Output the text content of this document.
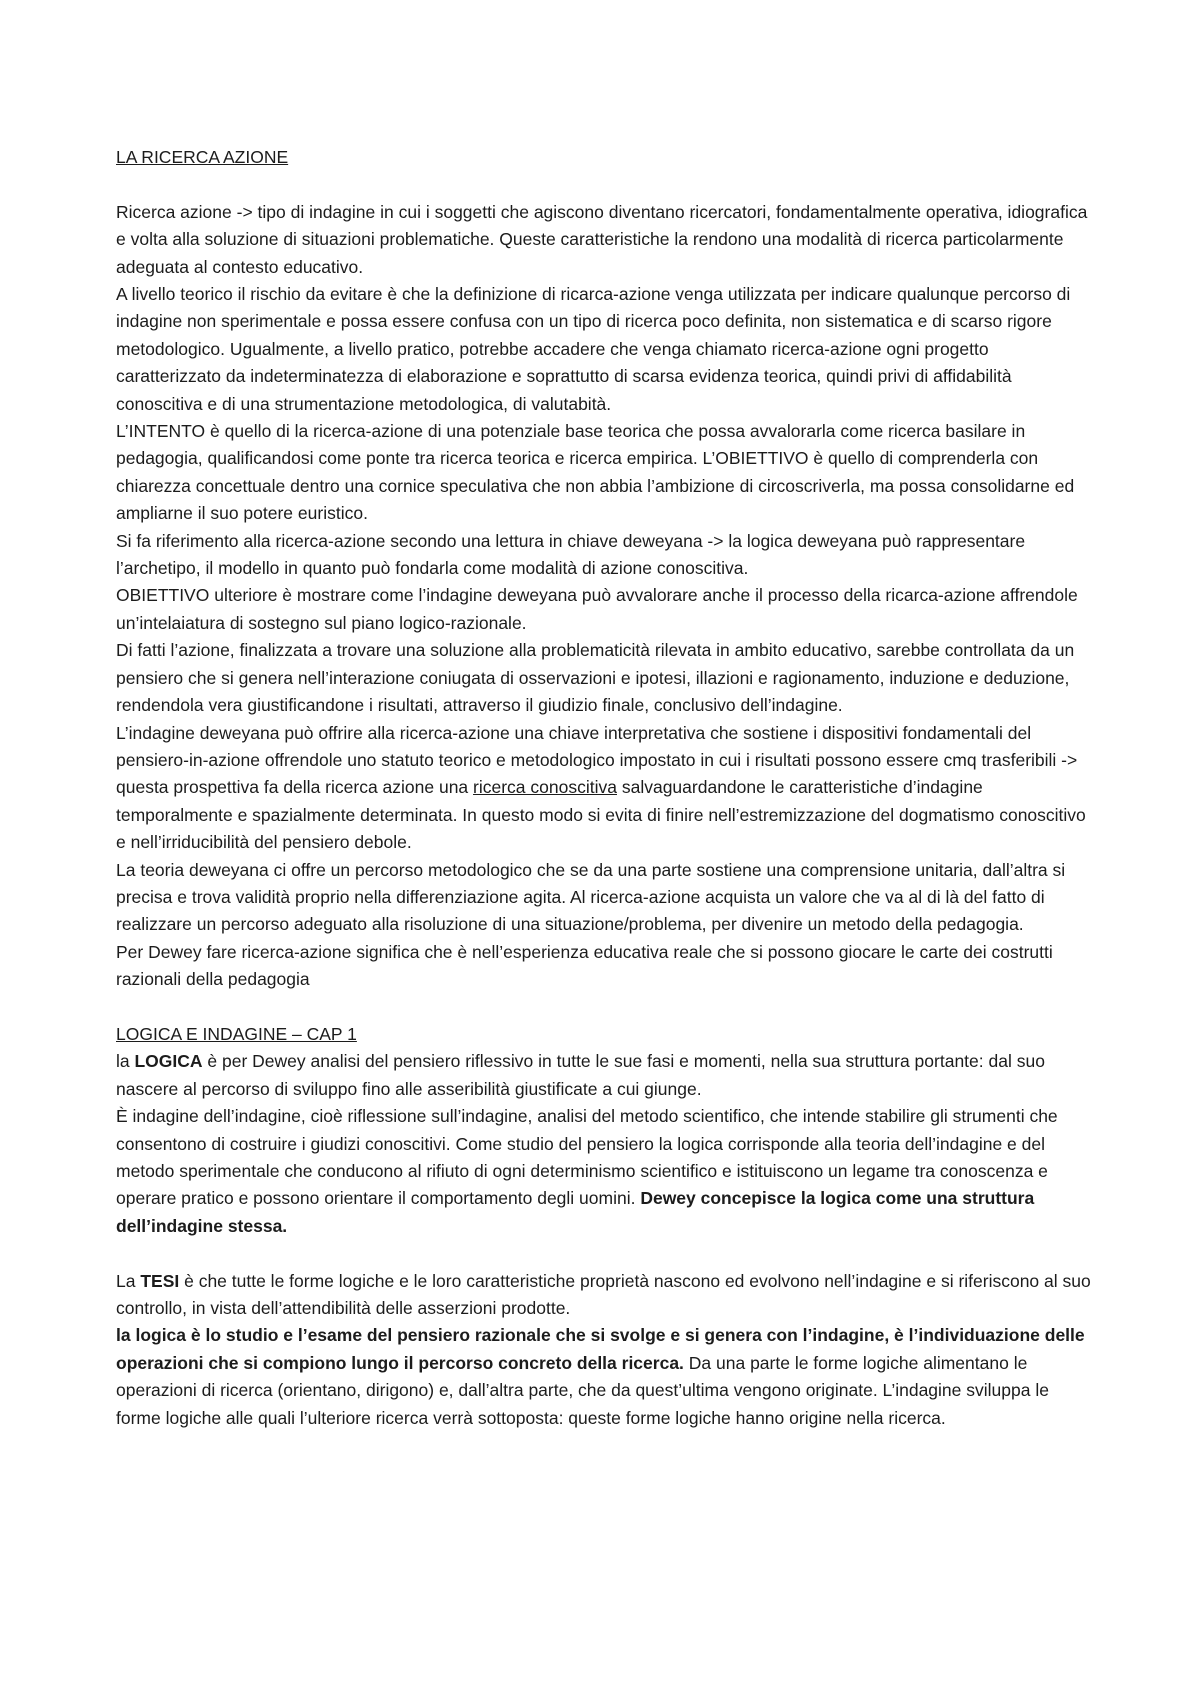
LA RICERCA AZIONE

Ricerca azione -> tipo di indagine in cui i soggetti che agiscono diventano ricercatori, fondamentalmente operativa, idiografica e volta alla soluzione di situazioni problematiche. Queste caratteristiche la rendono una modalità di ricerca particolarmente adeguata al contesto educativo.

A livello teorico il rischio da evitare è che la definizione di ricarca-azione venga utilizzata per indicare qualunque percorso di indagine non sperimentale e possa essere confusa con un tipo di ricerca poco definita, non sistematica e di scarso rigore metodologico. Ugualmente, a livello pratico, potrebbe accadere che venga chiamato ricerca-azione ogni progetto caratterizzato da indeterminatezza di elaborazione e soprattutto di scarsa evidenza teorica, quindi privi di affidabilità conoscitiva e di una strumentazione metodologica, di valutabità.

L’INTENTO è quello di la ricerca-azione di una potenziale base teorica che possa avvalorarla come ricerca basilare in pedagogia, qualificandosi come ponte tra ricerca teorica e ricerca empirica. L’OBIETTIVO è quello di comprenderla con chiarezza concettuale dentro una cornice speculativa che non abbia l’ambizione di circoscriverla, ma possa consolidarne ed ampliarne il suo potere euristico.

Si fa riferimento alla ricerca-azione secondo una lettura in chiave deweyana -> la logica deweyana può rappresentare l’archetipo, il modello in quanto può fondarla come modalità di azione conoscitiva.

OBIETTIVO ulteriore è mostrare come l’indagine deweyana può avvalorare anche il processo della ricarca-azione affrendole un’intelaiatura di sostegno sul piano logico-razionale.

Di fatti l’azione, finalizzata a trovare una soluzione alla problematicità rilevata in ambito educativo, sarebbe controllata da un pensiero che si genera nell’interazione coniugata di osservazioni e ipotesi, illazioni e ragionamento, induzione e deduzione, rendendola vera giustificandone i risultati, attraverso il giudizio finale, conclusivo dell’indagine.

L’indagine deweyana può offrire alla ricerca-azione una chiave interpretativa che sostiene i dispositivi fondamentali del pensiero-in-azione offrendole uno statuto teorico e metodologico impostato in cui i risultati possono essere cmq trasferibili -> questa prospettiva fa della ricerca azione una ricerca conoscitiva salvaguardandone le caratteristiche d’indagine temporalmente e spazialmente determinata. In questo modo si evita di finire nell’estremizzazione del dogmatismo conoscitivo e nell’irriducibilità del pensiero debole.

La teoria deweyana ci offre un percorso metodologico che se da una parte sostiene una comprensione unitaria, dall’altra si precisa e trova validità proprio nella differenziazione agita. Al ricerca-azione acquista un valore che va al di là del fatto di realizzare un percorso adeguato alla risoluzione di una situazione/problema, per divenire un metodo della pedagogia.

Per Dewey fare ricerca-azione significa che è nell’esperienza educativa reale che si possono giocare le carte dei costrutti razionali della pedagogia

LOGICA E INDAGINE – CAP 1

la LOGICA è per Dewey analisi del pensiero riflessivo in tutte le sue fasi e momenti, nella sua struttura portante: dal suo nascere al percorso di sviluppo fino alle asseribilità giustificate a cui giunge.

È indagine dell’indagine, cioè riflessione sull’indagine, analisi del metodo scientifico, che intende stabilire gli strumenti che consentono di costruire i giudizi conoscitivi. Come studio del pensiero la logica corrisponde alla teoria dell’indagine e del metodo sperimentale che conducono al rifiuto di ogni determinismo scientifico e istituiscono un legame tra conoscenza e operare pratico e possono orientare il comportamento degli uomini. Dewey concepisce la logica come una struttura dell’indagine stessa.

La TESI è che tutte le forme logiche e le loro caratteristiche proprietà nascono ed evolvono nell’indagine e si riferiscono al suo controllo, in vista dell’attendibilità delle asserzioni prodotte.

la logica è lo studio e l’esame del pensiero razionale che si svolge e si genera con l’indagine, è l’individuazione delle operazioni che si compiono lungo il percorso concreto della ricerca. Da una parte le forme logiche alimentano le operazioni di ricerca (orientano, dirigono) e, dall’altra parte, che da quest’ultima vengono originate. L’indagine sviluppa le forme logiche alle quali l’ulteriore ricerca verrà sottoposta: queste forme logiche hanno origine nella ricerca.
